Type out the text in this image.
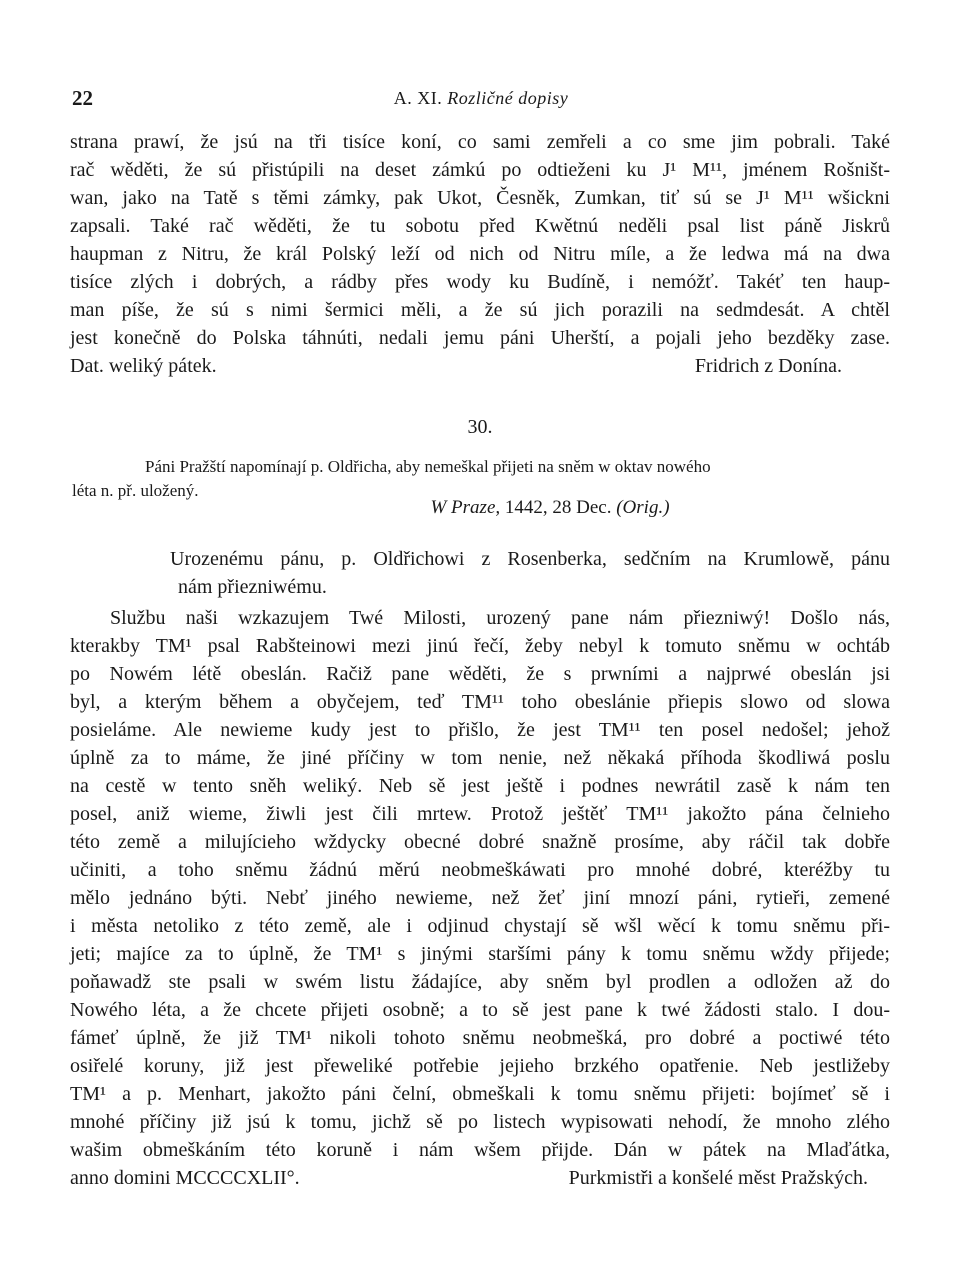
22	A. XI. Rozličné dopisy
strana prawí, že jsú na tři tisíce koní, co sami zemřeli a co sme jim pobrali. Také
rač wěděti, že sú přistúpili na deset zámkú po odtieženi ku J¹ M¹¹, jménem Rošništ-
wan, jako na Tatě s těmi zámky, pak Ukot, Česněk, Zumkan, tiť sú se J¹ M¹¹ wšickni
zapsali. Také rač wěděti, že tu sobotu před Kwětnú neděli psal list páně Jiskrů
haupman z Nitru, že král Polský leží od nich od Nitru míle, a že ledwa má na dwa
tisíce zlých i dobrých, a rádby přes wody ku Budíně, i nemóžť. Takéť ten haup-
man píše, že sú s nimi šermici měli, a že sú jich porazili na sedmdesát. A chtěl
jest konečně do Polska táhnúti, nedali jemu páni Uherští, a pojali jeho bezděky zase.
Dat. weliký pátek.	Fridrich z Donína.
30.
Páni Pražští napomínají p. Oldřicha, aby nemeškal přijeti na sněm w oktav nowého
léta n. př. uložený.
W Praze, 1442, 28 Dec. (Orig.)
Urozenému pánu, p. Oldřichowi z Rosenberka, sedčním na Krumlowě, pánu
nám přiezniwému.
Službu naši wzkazujem Twé Milosti, urozený pane nám přiezniwý! Došlo nás,
kterakby TM¹ psal Rabšteinowi mezi jinú řečí, žeby nebyl k tomuto sněmu w ochtáb
po Nowém létě obeslán. Račiž pane wěděti, že s prwními a najprwé obeslán jsi
byl, a kterým během a obyčejem, teď TM¹¹ toho obeslánie přiepis slowo od slowa
posieláme. Ale newieme kudy jest to přišlo, že jest TM¹¹ ten posel nedošel; jehož
úplně za to máme, že jiné příčiny w tom nenie, než někaká příhoda škodliwá poslu
na cestě w tento sněh weliký. Neb sě jest ještě i podnes newrátil zasě k nám ten
posel, aniž wieme, žiwli jest čili mrtew. Protož ještěť TM¹¹ jakožto pána čelnieho
této země a milujícieho wždycky obecné dobré snažně prosíme, aby ráčil tak dobře
učiniti, a toho sněmu žádnú měrú neobmeškáwati pro mnohé dobré, kteréžby tu
mělo jednáno býti. Nebť jiného newieme, než žeť jiní mnozí páni, rytieři, zemené
i města netoliko z této země, ale i odjinud chystají sě wšl wěcí k tomu sněmu při-
jeti; majíce za to úplně, že TM¹ s jinými staršími pány k tomu sněmu wždy přijede;
poňawadž ste psali w swém listu žádajíce, aby sněm byl prodlen a odložen až do
Nowého léta, a že chcete přijeti osobně; a to sě jest pane k twé žádosti stalo. I dou-
fámeť úplně, že již TM¹ nikoli tohoto sněmu neobmešká, pro dobré a poctiwé této
osiřelé koruny, již jest přeweliké potřebie jejieho brzkého opatřenie. Neb jestližeby
TM¹ a p. Menhart, jakožto páni čelní, obmeškali k tomu sněmu přijeti: bojímeť sě i
mnohé příčiny již jsú k tomu, jichž sě po listech wypisowati nehodí, že mnoho zlého
wašim obmeškáním této koruně i nám wšem přijde. Dán w pátek na Mlaďátka,
anno domini MCCCCXLII°.	Purkmistři a konšelé měst Pražských.
